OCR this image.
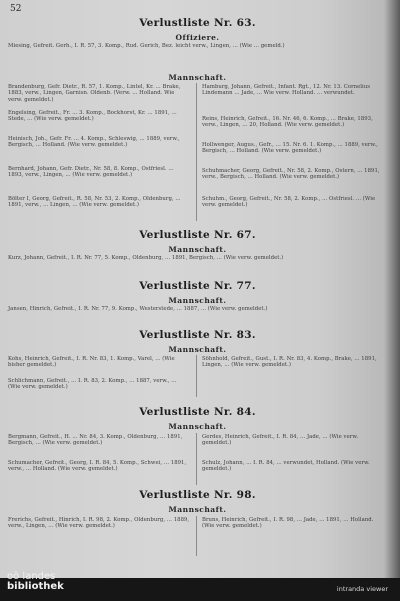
52
Verlustliste Nr. 63.
Offiziere.
Miesing, Gefreit. Gerh., I. R. 57, 3. Komp., Rud. Gerich, Bez. leicht verw., Lingen, ... (Wie ... gemeld.)
Mannschaft.
Brandenburg, Gefr. Dietr., R. 57, 1. Komp., Lintel, Kr. ... Brake, 1883, verw., Lingen, Garnisn. Oldenb. (Verw. ... Holland. Wie verw. gemeldet.)
Engelsing, Gefreit., Fr. ... 3. Komp., Bockhorst, Kr. ... 1891, ... Stede, ... (Wie verw. gemeldet.)
Heinisch, Joh., Gefr. Fr. ... 4. Komp., Schleswig, ... 1889, verw., Bergisch, ... Holland. (Wie verw. gemeldet.)
Bernhard, Johann, Gefr. Dietr., Nr. 58, 8. Komp., Ostfriesl. ... 1893, verw., Lingen, ... (Wie verw. gemeldet.)
Bölter I, Georg, Gefreit., R. 58, Nr. 53, 2. Komp., Oldenburg, ... 1891, verw., ... Lingen, ... (Wie verw. gemeldet.)
Hamburg, Johann, Gefreit., Infant. Rgt., 12. Nr. 13. Cornelius Lindemann ... Jade, ... Wie verw. Holland. ... verwundet.
Reins, Heinrich, Gefreit., 16. Nr. 46, 6. Komp., ... Brake, 1893, verw., Lingen, ... 20, Holland. (Wie verw. gemeldet.)
Hollwenger, Augus., Gefr., ... 15. Nr. 6. 1. Komp., ... 1889, verw., Bergisch, ... Holland. (Wie verw. gemeldet.)
Schuhmacher, Georg, Gefreit., Nr. 58, 2. Komp., Ostern, ... 1891, verw., Bergisch, ... Holland. (Wie verw. gemeldet.)
Schuhm., Georg, Gefreit., Nr. 58, 2. Komp., ... Ostfriesl. ... (Wie verw. gemeldet.)
Verlustliste Nr. 67.
Mannschaft.
Kurz, Johann, Gefreit., I. R. Nr. 77, 5. Komp., Oldenburg, ... 1891, Bergisch, ... (Wie verw. gemeldet.)
Verlustliste Nr. 77.
Mannschaft.
Jansen, Hinrich, Gefreit., I. R. Nr. 77, 9. Komp., Westerstede, ... 1887, ... (Wie verw. gemeldet.)
Verlustliste Nr. 83.
Mannschaft.
Kohs, Heinrich, Gefreit., I. R. Nr. 83, 1. Komp., Varel, ... (Wie bisher gemeldet.)
Schlichmann, Gefreit., ... I. R. 83, 2. Komp., ... 1887, verw., ... (Wie verw. gemeldet.)
Söhnhold, Gefreit., Gust., I. R. Nr. 83, 4. Komp., Brake, ... 1891, Lingen, ... (Wie verw. gemeldet.)
Verlustliste Nr. 84.
Mannschaft.
Bergmann, Gefreit., H. ... Nr. 84, 3. Komp., Oldenburg, ... 1891, Bergisch, ... (Wie verw. gemeldet.)
Schumacher, Gefreit., Georg, I. R. 84, 5. Komp., Schwei, ... 1891, verw., ... Holland. (Wie verw. gemeldet.)
Gerdes, Heinrich, Gefreit., I. R. 84, ... Jade, ... (Wie verw. gemeldet.)
Schulz, Johann, ... I. R. 84, ... verwundet, Holland. (Wie verw. gemeldet.)
Verlustliste Nr. 98.
Mannschaft.
Frerichs, Gefreit., Hinrich, I. R. 98, 2. Komp., Oldenburg, ... 1889, verw., Lingen, ... (Wie verw. gemeldet.)
Bruns, Heinrich, Gefreit., I. R. 98, ... Jade, ... 1891, ... Holland. (Wie verw. gemeldet.)
oö landes
bibliothek	intranda viewer
